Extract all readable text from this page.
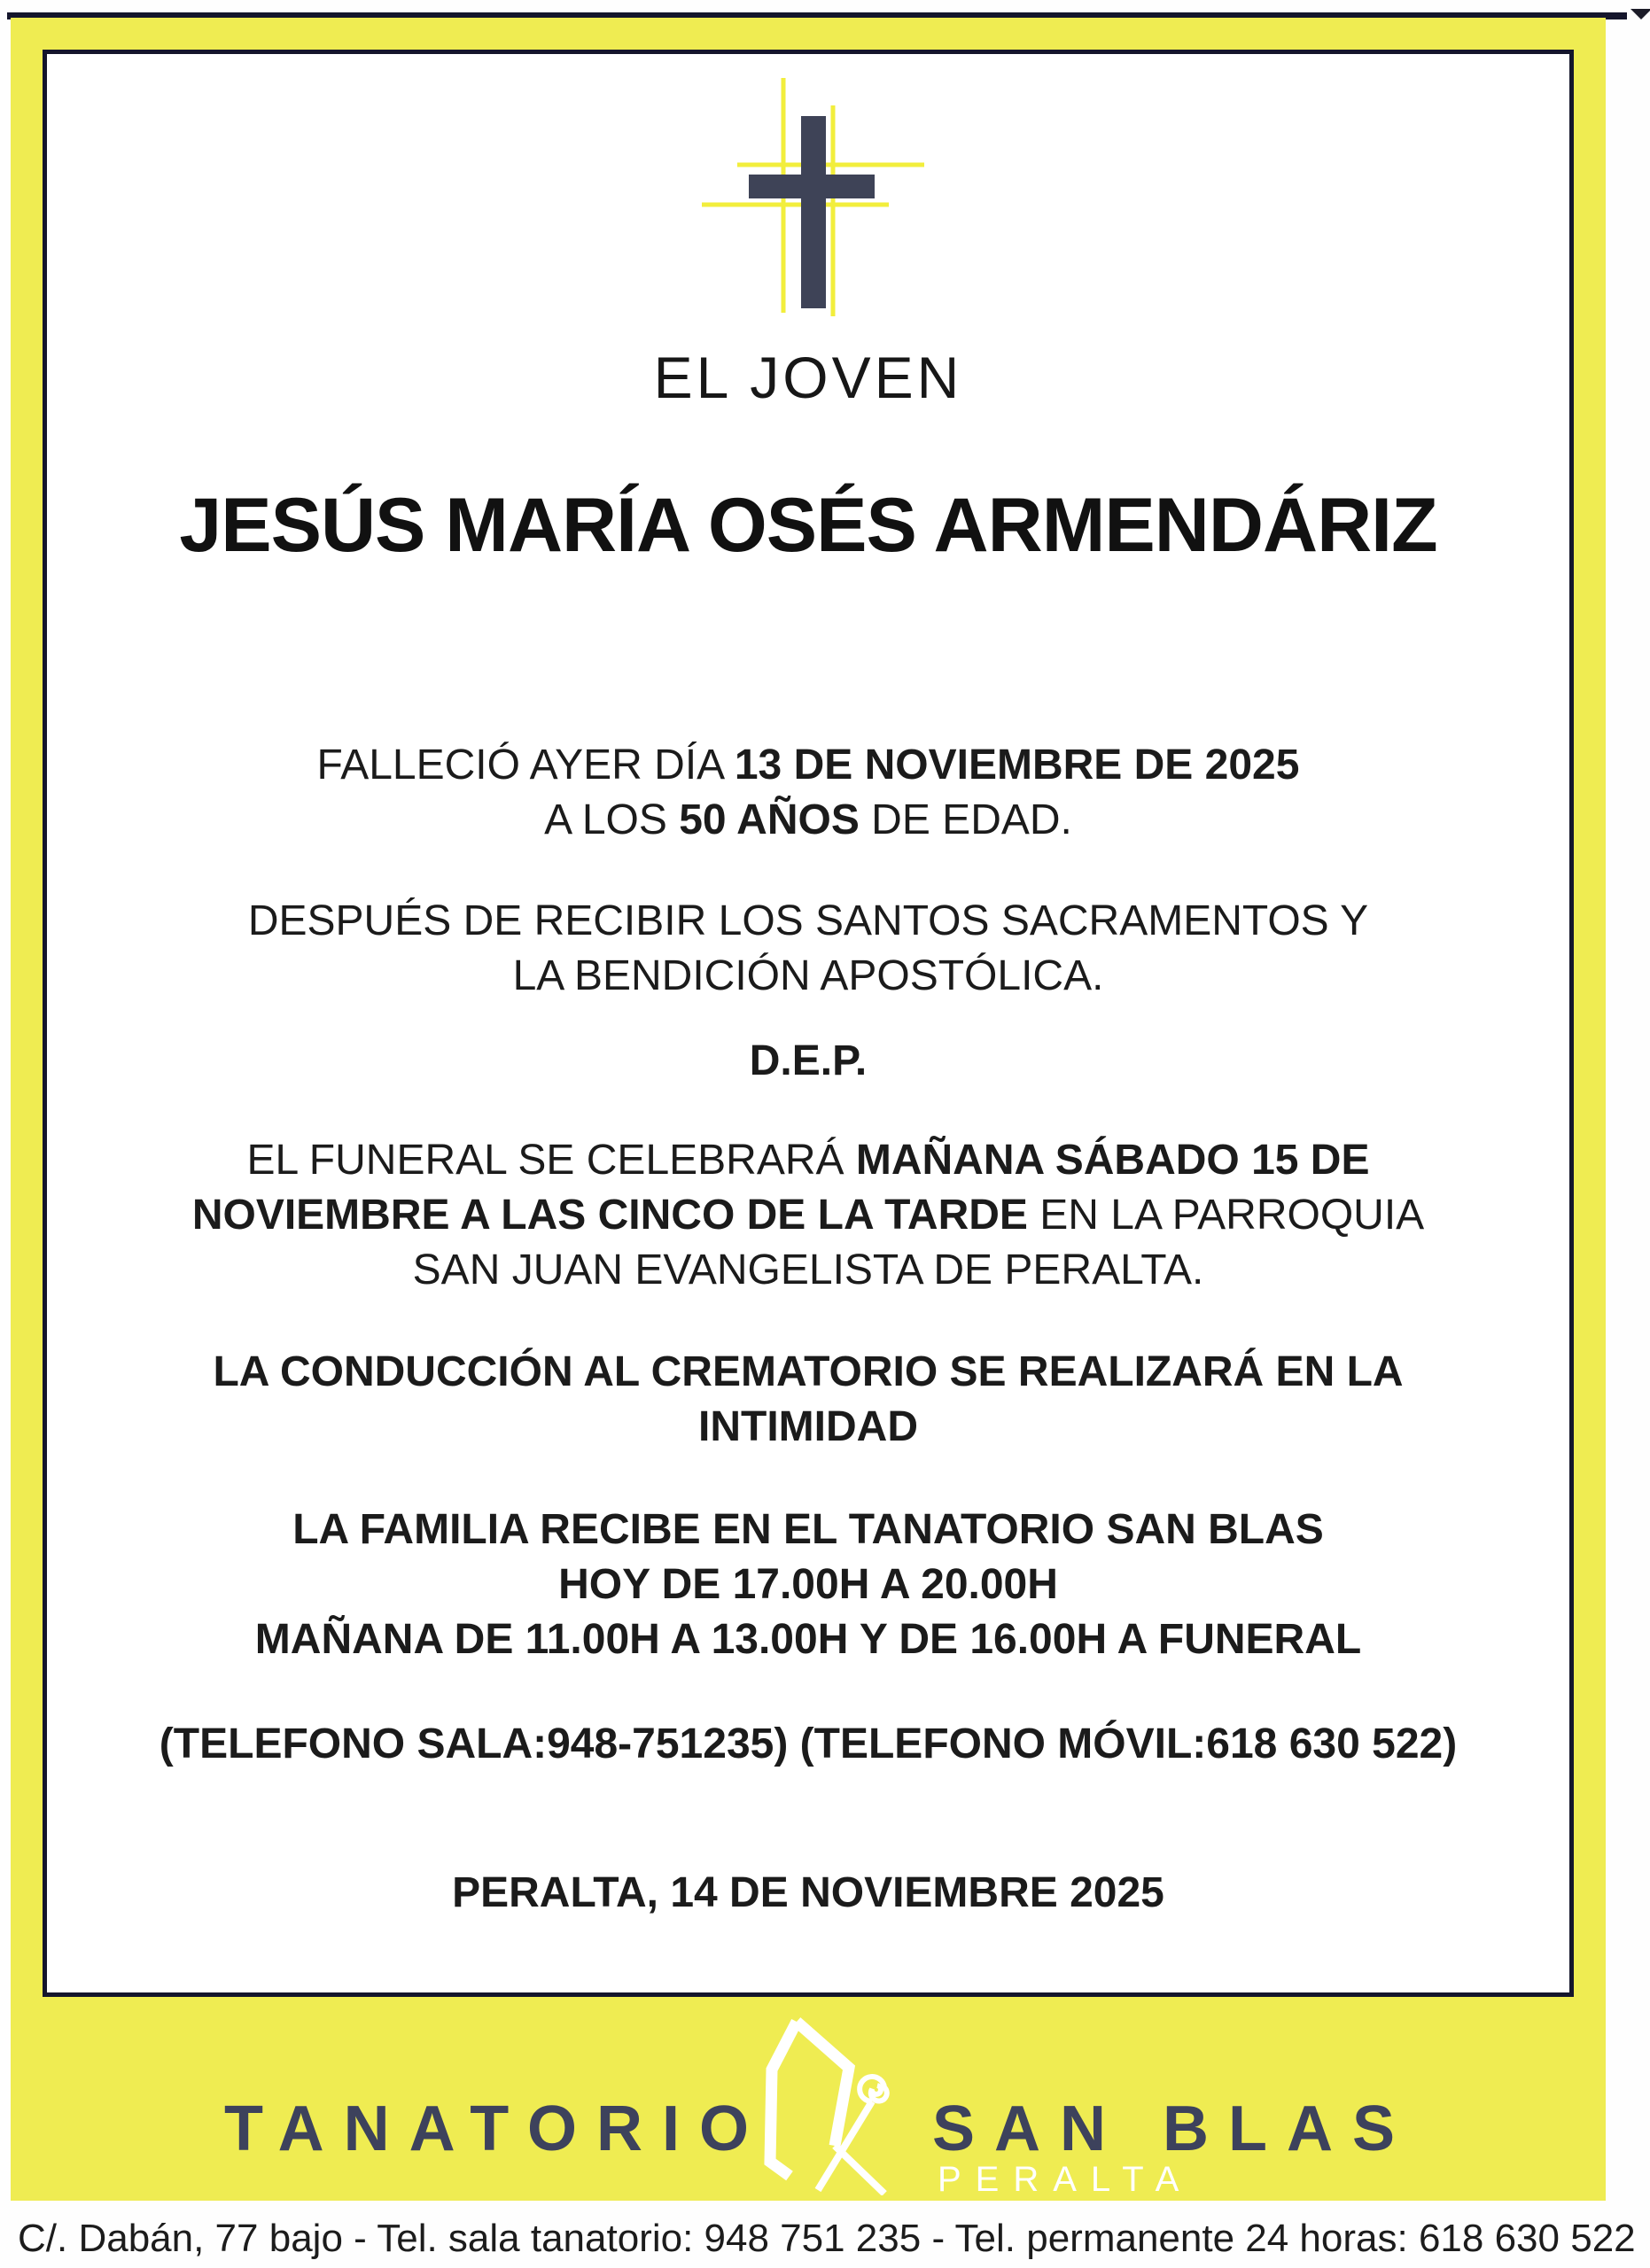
EL JOVEN
JESÚS MARÍA OSÉS ARMENDÁRIZ
FALLECIÓ AYER DÍA 13 DE NOVIEMBRE DE 2025
A LOS 50 AÑOS DE EDAD.
DESPUÉS DE RECIBIR LOS SANTOS SACRAMENTOS Y
LA BENDICIÓN APOSTÓLICA.
D.E.P.
EL FUNERAL SE CELEBRARÁ MAÑANA SÁBADO 15 DE
NOVIEMBRE A LAS CINCO DE LA TARDE EN LA PARROQUIA
SAN JUAN EVANGELISTA DE PERALTA.
LA CONDUCCIÓN AL CREMATORIO SE REALIZARÁ EN LA
INTIMIDAD
LA FAMILIA RECIBE EN EL TANATORIO SAN BLAS
HOY DE 17.00H A 20.00H
MAÑANA DE 11.00H A 13.00H Y DE 16.00H A FUNERAL
(TELEFONO SALA:948-751235) (TELEFONO MÓVIL:618 630 522)
PERALTA, 14 DE NOVIEMBRE 2025
TANATORIO	SAN BLAS
PERALTA
C/. Dabán, 77 bajo - Tel. sala tanatorio: 948 751 235 - Tel. permanente 24 horas: 618 630 522
